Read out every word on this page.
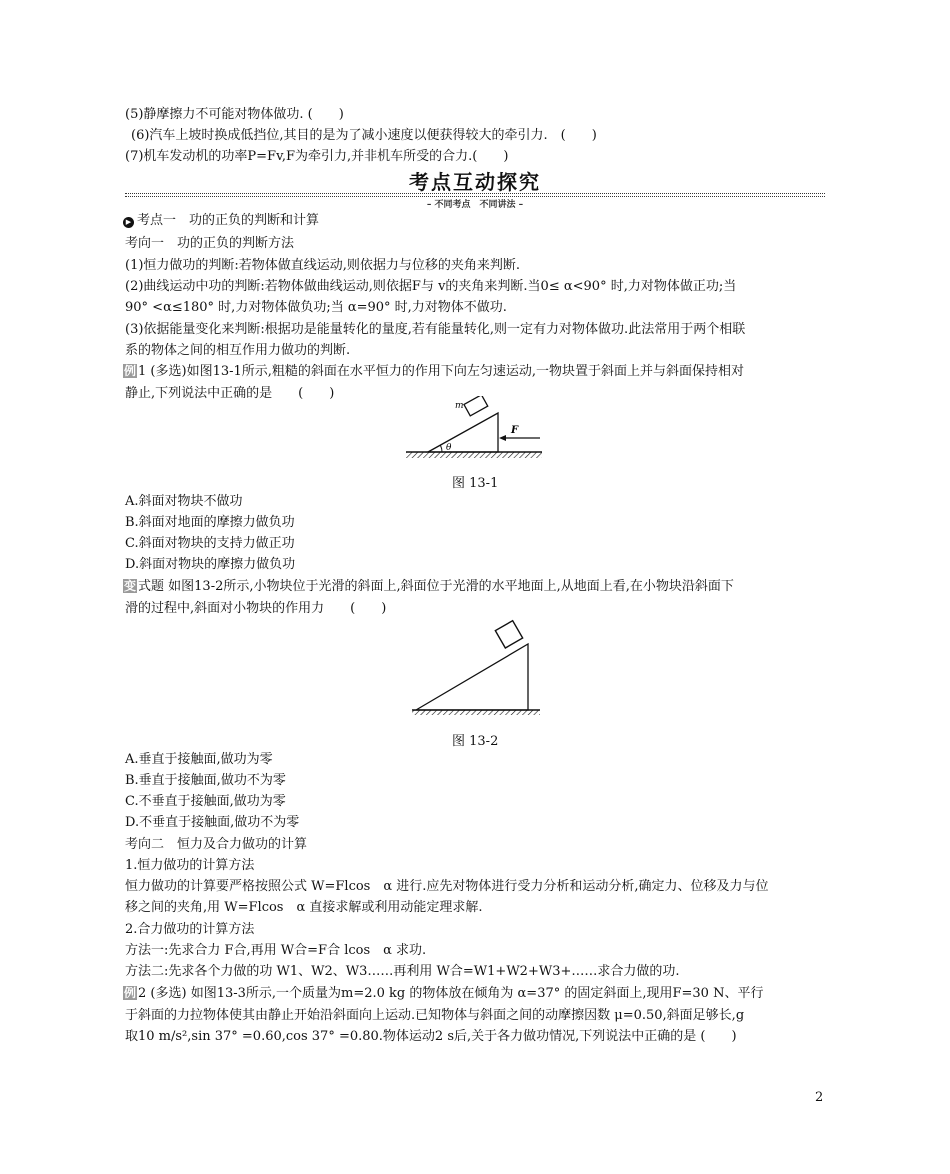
(5)静摩擦力不可能对物体做功. (　　)
(6)汽车上坡时换成低挡位,其目的是为了减小速度以便获得较大的牵引力.　(　　)
(7)机车发动机的功率P=Fv,F为牵引力,并非机车所受的合力.(　　)
考点互动探究
– 不同考点　不同讲法 –
▶ 考点一　功的正负的判断和计算
考向一　功的正负的判断方法
(1)恒力做功的判断:若物体做直线运动,则依据力与位移的夹角来判断.
(2)曲线运动中功的判断:若物体做曲线运动,则依据F与 v的夹角来判断.当0≤ α<90° 时,力对物体做正功;当
90° <α≤180° 时,力对物体做负功;当 α=90° 时,力对物体不做功.
(3)依据能量变化来判断:根据功是能量转化的量度,若有能量转化,则一定有力对物体做功.此法常用于两个相联
系的物体之间的相互作用力做功的判断.
例 1 (多选)如图13-1所示,粗糙的斜面在水平恒力的作用下向左匀速运动,一物块置于斜面上并与斜面保持相对
静止,下列说法中正确的是　　(　　)
m
F
θ
图 13-1
A.斜面对物块不做功
B.斜面对地面的摩擦力做负功
C.斜面对物块的支持力做正功
D.斜面对物块的摩擦力做负功
变 式题 如图13-2所示,小物块位于光滑的斜面上,斜面位于光滑的水平地面上,从地面上看,在小物块沿斜面下
滑的过程中,斜面对小物块的作用力　　(　　)
图 13-2
A.垂直于接触面,做功为零
B.垂直于接触面,做功不为零
C.不垂直于接触面,做功为零
D.不垂直于接触面,做功不为零
考向二　恒力及合力做功的计算
1.恒力做功的计算方法
恒力做功的计算要严格按照公式 W=Flcos　α 进行.应先对物体进行受力分析和运动分析,确定力、位移及力与位
移之间的夹角,用 W=Flcos　α 直接求解或利用动能定理求解.
2.合力做功的计算方法
方法一:先求合力 F合,再用 W合=F合 lcos　α 求功.
方法二:先求各个力做的功 W1、W2、W3……再利用 W合=W1+W2+W3+……求合力做的功.
例 2 (多选) 如图13-3所示,一个质量为m=2.0 kg 的物体放在倾角为 α=37° 的固定斜面上,现用F=30 N、平行
于斜面的力拉物体使其由静止开始沿斜面向上运动.已知物体与斜面之间的动摩擦因数 μ=0.50,斜面足够长,g
取10 m/s²,sin 37° =0.60,cos 37° =0.80.物体运动2 s后,关于各力做功情况,下列说法中正确的是 (　　)
2
